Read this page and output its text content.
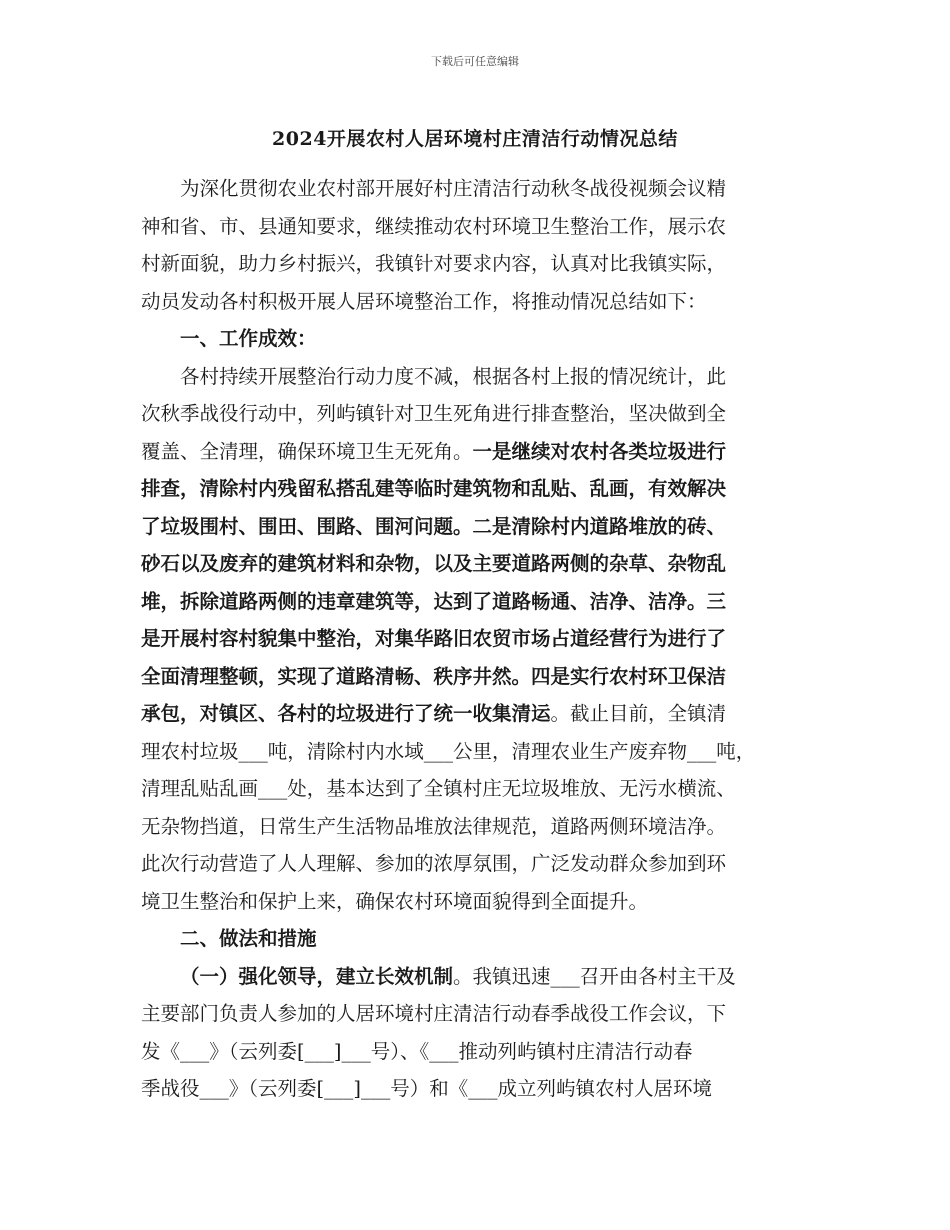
下载后可任意编辑
2024开展农村人居环境村庄清洁行动情况总结
为深化贯彻农业农村部开展好村庄清洁行动秋冬战役视频会议精
神和省、市、县通知要求，继续推动农村环境卫生整治工作，展示农
村新面貌，助力乡村振兴，我镇针对要求内容，认真对比我镇实际，
动员发动各村积极开展人居环境整治工作，将推动情况总结如下：
一、工作成效：
各村持续开展整治行动力度不减，根据各村上报的情况统计，此
次秋季战役行动中，列屿镇针对卫生死角进行排查整治，坚决做到全
覆盖、全清理，确保环境卫生无死角。一是继续对农村各类垃圾进行
排查，清除村内残留私搭乱建等临时建筑物和乱贴、乱画，有效解决
了垃圾围村、围田、围路、围河问题。二是清除村内道路堆放的砖、
砂石以及废弃的建筑材料和杂物，以及主要道路两侧的杂草、杂物乱
堆，拆除道路两侧的违章建筑等，达到了道路畅通、洁净、洁净。三
是开展村容村貌集中整治，对集华路旧农贸市场占道经营行为进行了
全面清理整顿，实现了道路清畅、秩序井然。四是实行农村环卫保洁
承包，对镇区、各村的垃圾进行了统一收集清运。截止目前，全镇清
理农村垃圾___吨，清除村内水域___公里，清理农业生产废弃物___吨，
清理乱贴乱画___处，基本达到了全镇村庄无垃圾堆放、无污水横流、
无杂物挡道，日常生产生活物品堆放法律规范，道路两侧环境洁净。
此次行动营造了人人理解、参加的浓厚氛围，广泛发动群众参加到环
境卫生整治和保护上来，确保农村环境面貌得到全面提升。
二、做法和措施
（一）强化领导，建立长效机制。我镇迅速___召开由各村主干及
主要部门负责人参加的人居环境村庄清洁行动春季战役工作会议，下
发《___》（云列委[___]___号）、《___推动列屿镇村庄清洁行动春
季战役___》（云列委[___]___号）和《___成立列屿镇农村人居环境
